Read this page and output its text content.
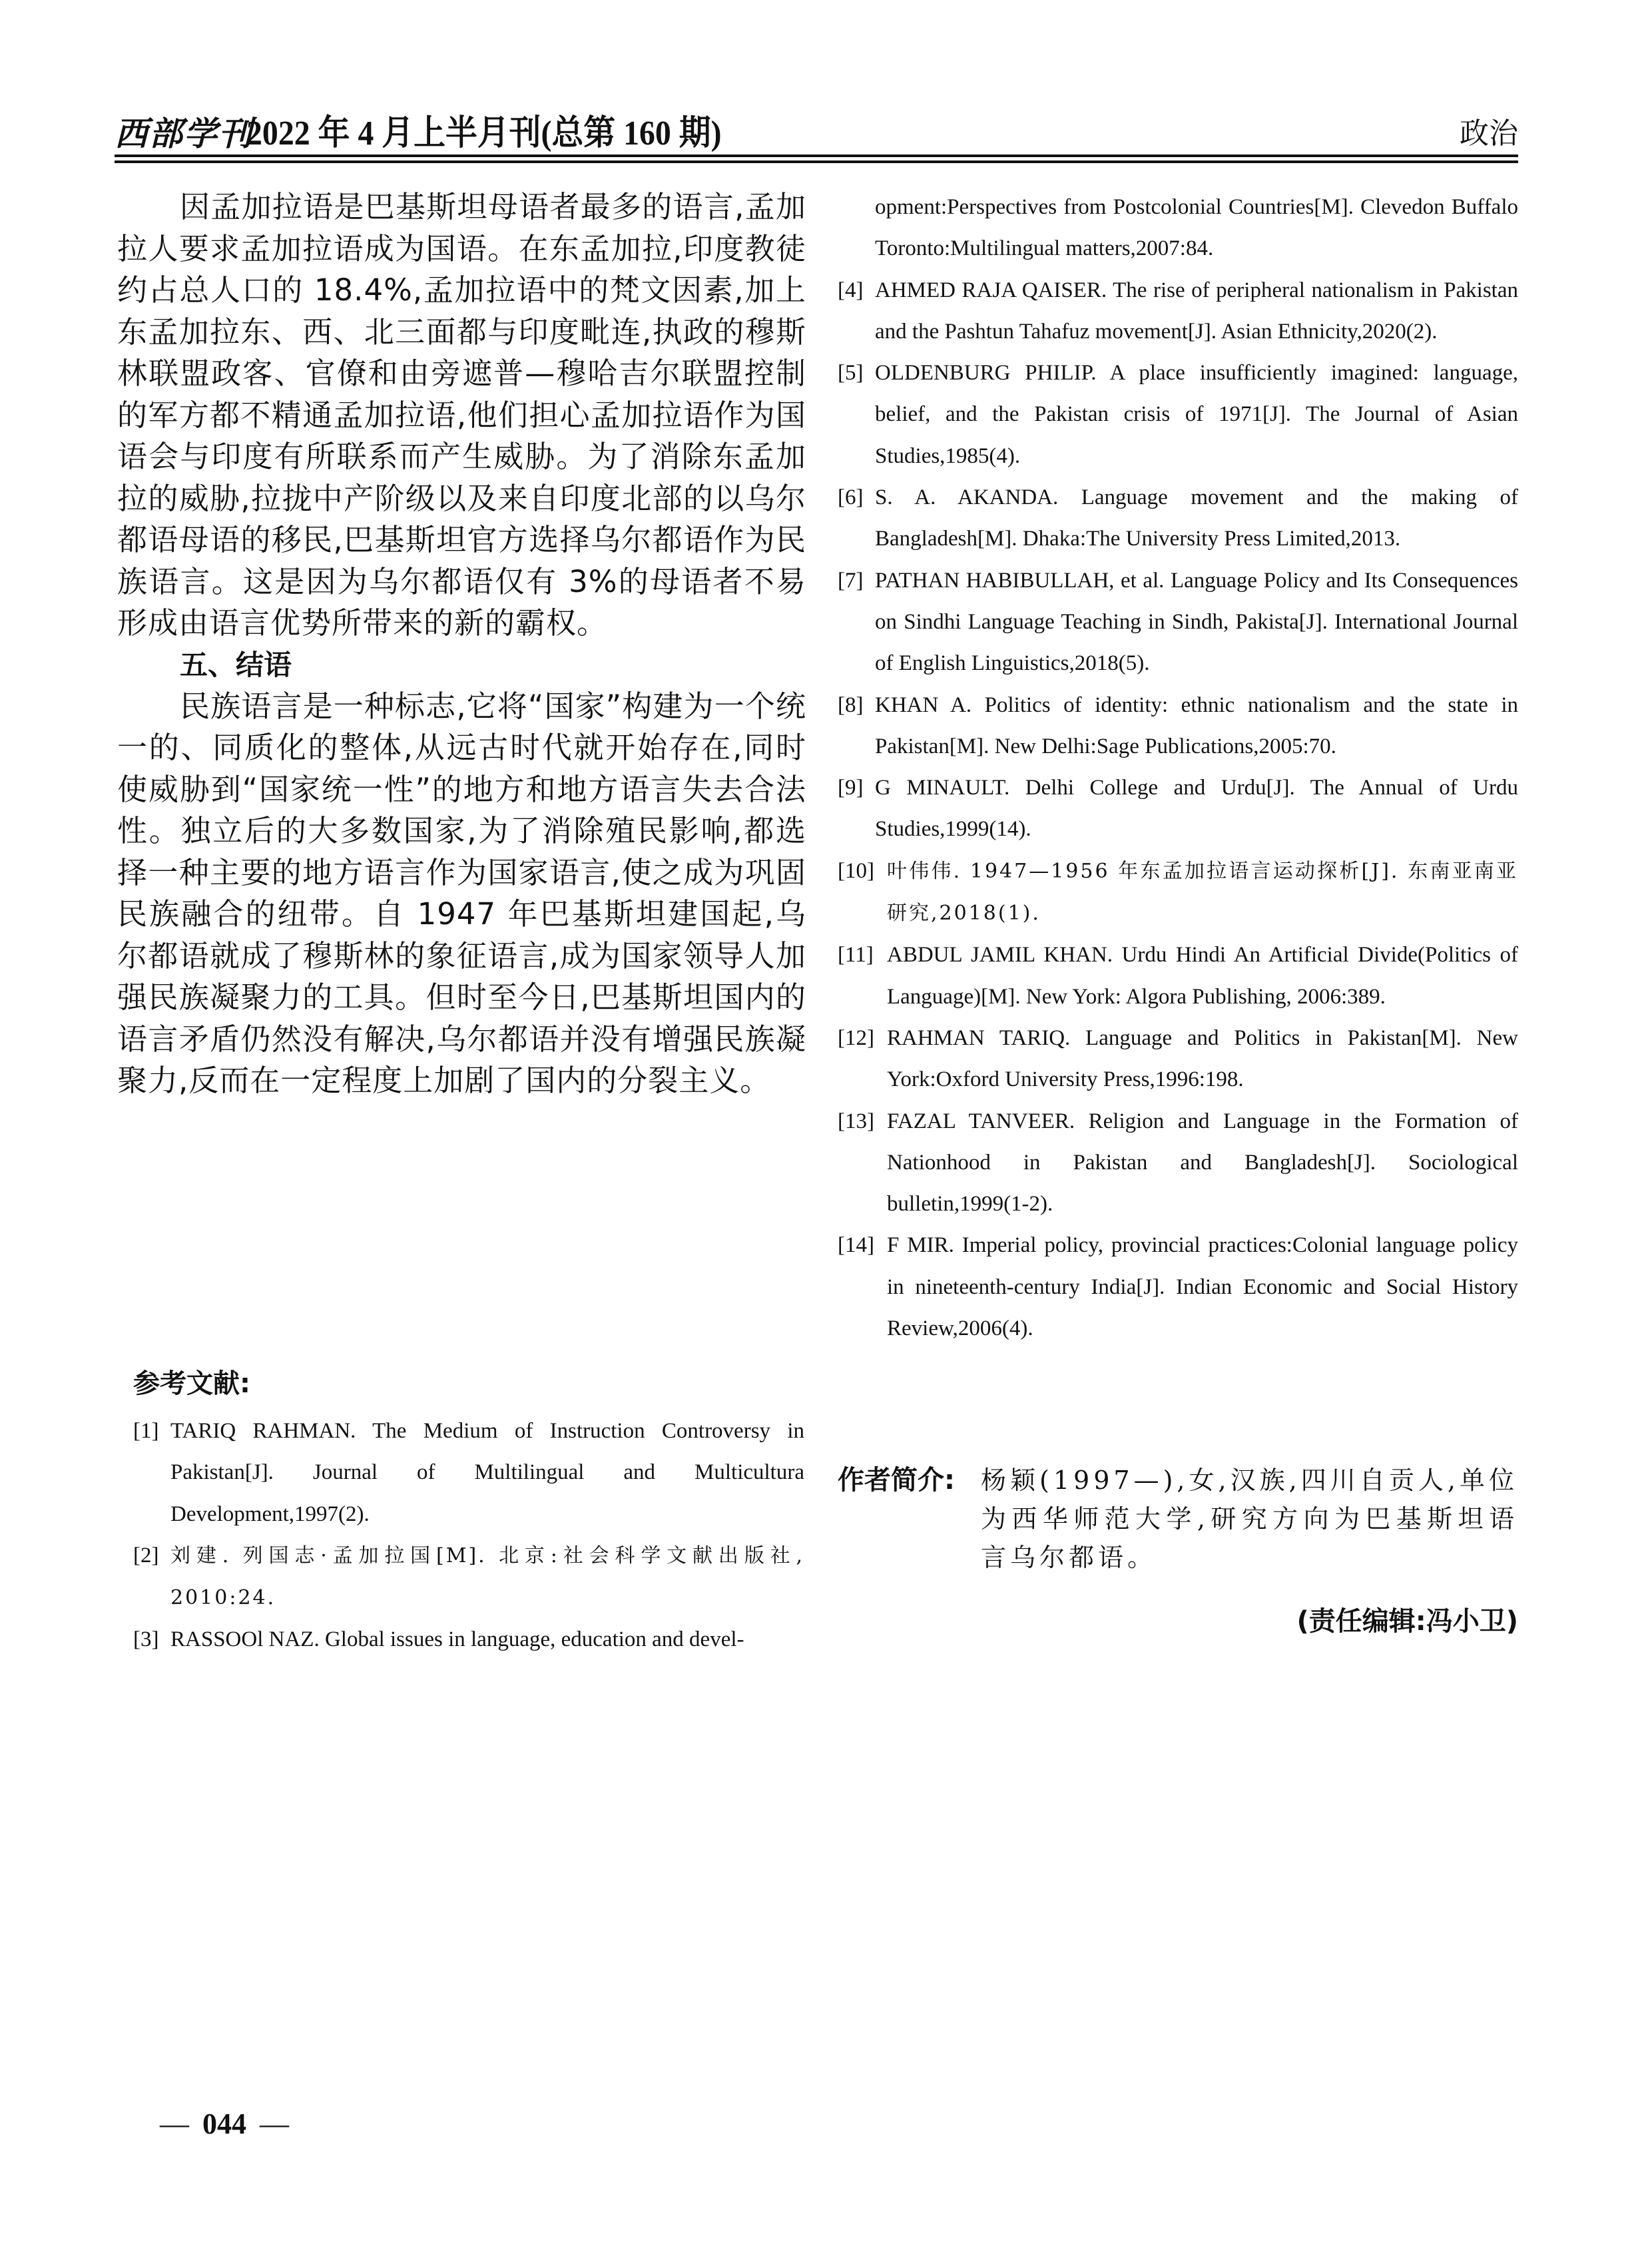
西部学刊
2022 年 4 月上半月刊(总第 160 期)	政治

因孟加拉语是巴基斯坦母语者最多的语言,孟加拉人要求孟加拉语成为国语。在东孟加拉,印度教徒约占总人口的 18.4%,孟加拉语中的梵文因素,加上东孟加拉东、西、北三面都与印度毗连,执政的穆斯林联盟政客、官僚和由旁遮普—穆哈吉尔联盟控制的军方都不精通孟加拉语,他们担心孟加拉语作为国语会与印度有所联系而产生威胁。为了消除东孟加拉的威胁,拉拢中产阶级以及来自印度北部的以乌尔都语母语的移民,巴基斯坦官方选择乌尔都语作为民族语言。这是因为乌尔都语仅有 3%的母语者不易形成由语言优势所带来的新的霸权。

五、结语

民族语言是一种标志,它将“国家”构建为一个统一的、同质化的整体,从远古时代就开始存在,同时使威胁到“国家统一性”的地方和地方语言失去合法性。独立后的大多数国家,为了消除殖民影响,都选择一种主要的地方语言作为国家语言,使之成为巩固民族融合的纽带。自 1947 年巴基斯坦建国起,乌尔都语就成了穆斯林的象征语言,成为国家领导人加强民族凝聚力的工具。但时至今日,巴基斯坦国内的语言矛盾仍然没有解决,乌尔都语并没有增强民族凝聚力,反而在一定程度上加剧了国内的分裂主义。

参考文献:

[1] TARIQ RAHMAN. The Medium of Instruction Controversy in Pakistan[J]. Journal of Multilingual and Multicultura Development,1997(2).

[2] 刘建. 列国志·孟加拉国[M]. 北京:社会科学文献出版社, 2010:24.

[3] RASSOOl NAZ. Global issues in language, education and devel-

opment:Perspectives from Postcolonial Countries[M]. Clevedon Buffalo Toronto:Multilingual matters,2007:84.

[4] AHMED RAJA QAISER. The rise of peripheral nationalism in Pakistan and the Pashtun Tahafuz movement[J]. Asian Ethnicity,2020(2).

[5] OLDENBURG PHILIP. A place insufficiently imagined: language, belief, and the Pakistan crisis of 1971[J]. The Journal of Asian Studies,1985(4).

[6] S. A. AKANDA. Language movement and the making of Bangladesh[M]. Dhaka:The University Press Limited,2013.

[7] PATHAN HABIBULLAH, et al. Language Policy and Its Consequences on Sindhi Language Teaching in Sindh, Pakista[J]. International Journal of English Linguistics,2018(5).

[8] KHAN A. Politics of identity: ethnic nationalism and the state in Pakistan[M]. New Delhi:Sage Publications,2005:70.

[9] G MINAULT. Delhi College and Urdu[J]. The Annual of Urdu Studies,1999(14).

[10] 叶伟伟. 1947—1956 年东孟加拉语言运动探析[J]. 东南亚南亚研究,2018(1).

[11] ABDUL JAMIL KHAN. Urdu Hindi An Artificial Divide(Politics of Language)[M]. New York: Algora Publishing, 2006:389.

[12] RAHMAN TARIQ. Language and Politics in Pakistan[M]. New York:Oxford University Press,1996:198.

[13] FAZAL TANVEER. Religion and Language in the Formation of Nationhood in Pakistan and Bangladesh[J]. Sociological bulletin,1999(1-2).

[14] F MIR. Imperial policy, provincial practices:Colonial language policy in nineteenth-century India[J]. Indian Economic and Social History Review,2006(4).

作者简介:	杨颖(1997—),女,汉族,四川自贡人,单位为西华师范大学,研究方向为巴基斯坦语言乌尔都语。
(责任编辑:冯小卫)
— 044 —
